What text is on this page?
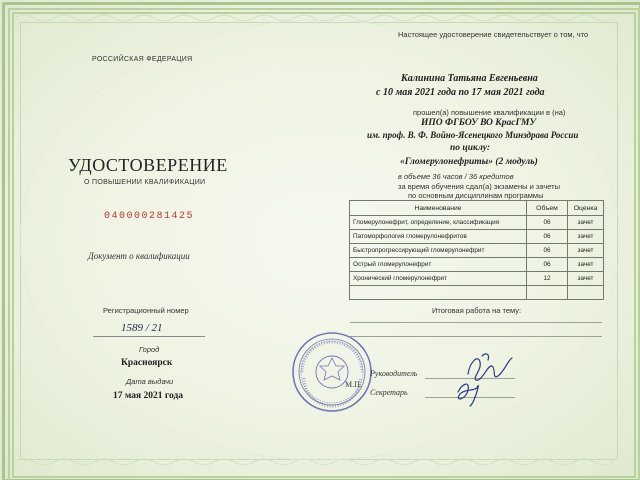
РОССИЙСКАЯ ФЕДЕРАЦИЯ
УДОСТОВЕРЕНИЕ
О ПОВЫШЕНИИ КВАЛИФИКАЦИИ
040000281425
Документ о квалификации
Регистрационный номер
1589 / 21
Город
Красноярск
Дата выдачи
17 мая 2021 года
Настоящее удостоверение свидетельствует о том, что
Калинина Татьяна Евгеньевна
с 10 мая 2021 года по 17 мая 2021 года
прошел(а) повышение квалификации в (на)
ИПО ФГБОУ ВО КрасГМУ
им. проф. В. Ф. Войно-Ясенецкого Минздрава России
по циклу:
«Гломерулонефриты» (2 модуль)
в объеме 36 часов / 36 кредитов
за время обучения сдал(а) экзамены и зачеты
по основным дисциплинам программы
Наименование	Объем	Оценка
Гломерулонефрит, определение, классификация	06	зачет
Патоморфология гломерулонефритов	06	зачет
Быстропрогрессирующий гломерулонефрит	06	зачет
Острый гломерулонефрит	06	зачет
Хронический гломерулонефрит	12	зачет

Итоговая работа на тему:
М.П.
Руководитель
Секретарь
